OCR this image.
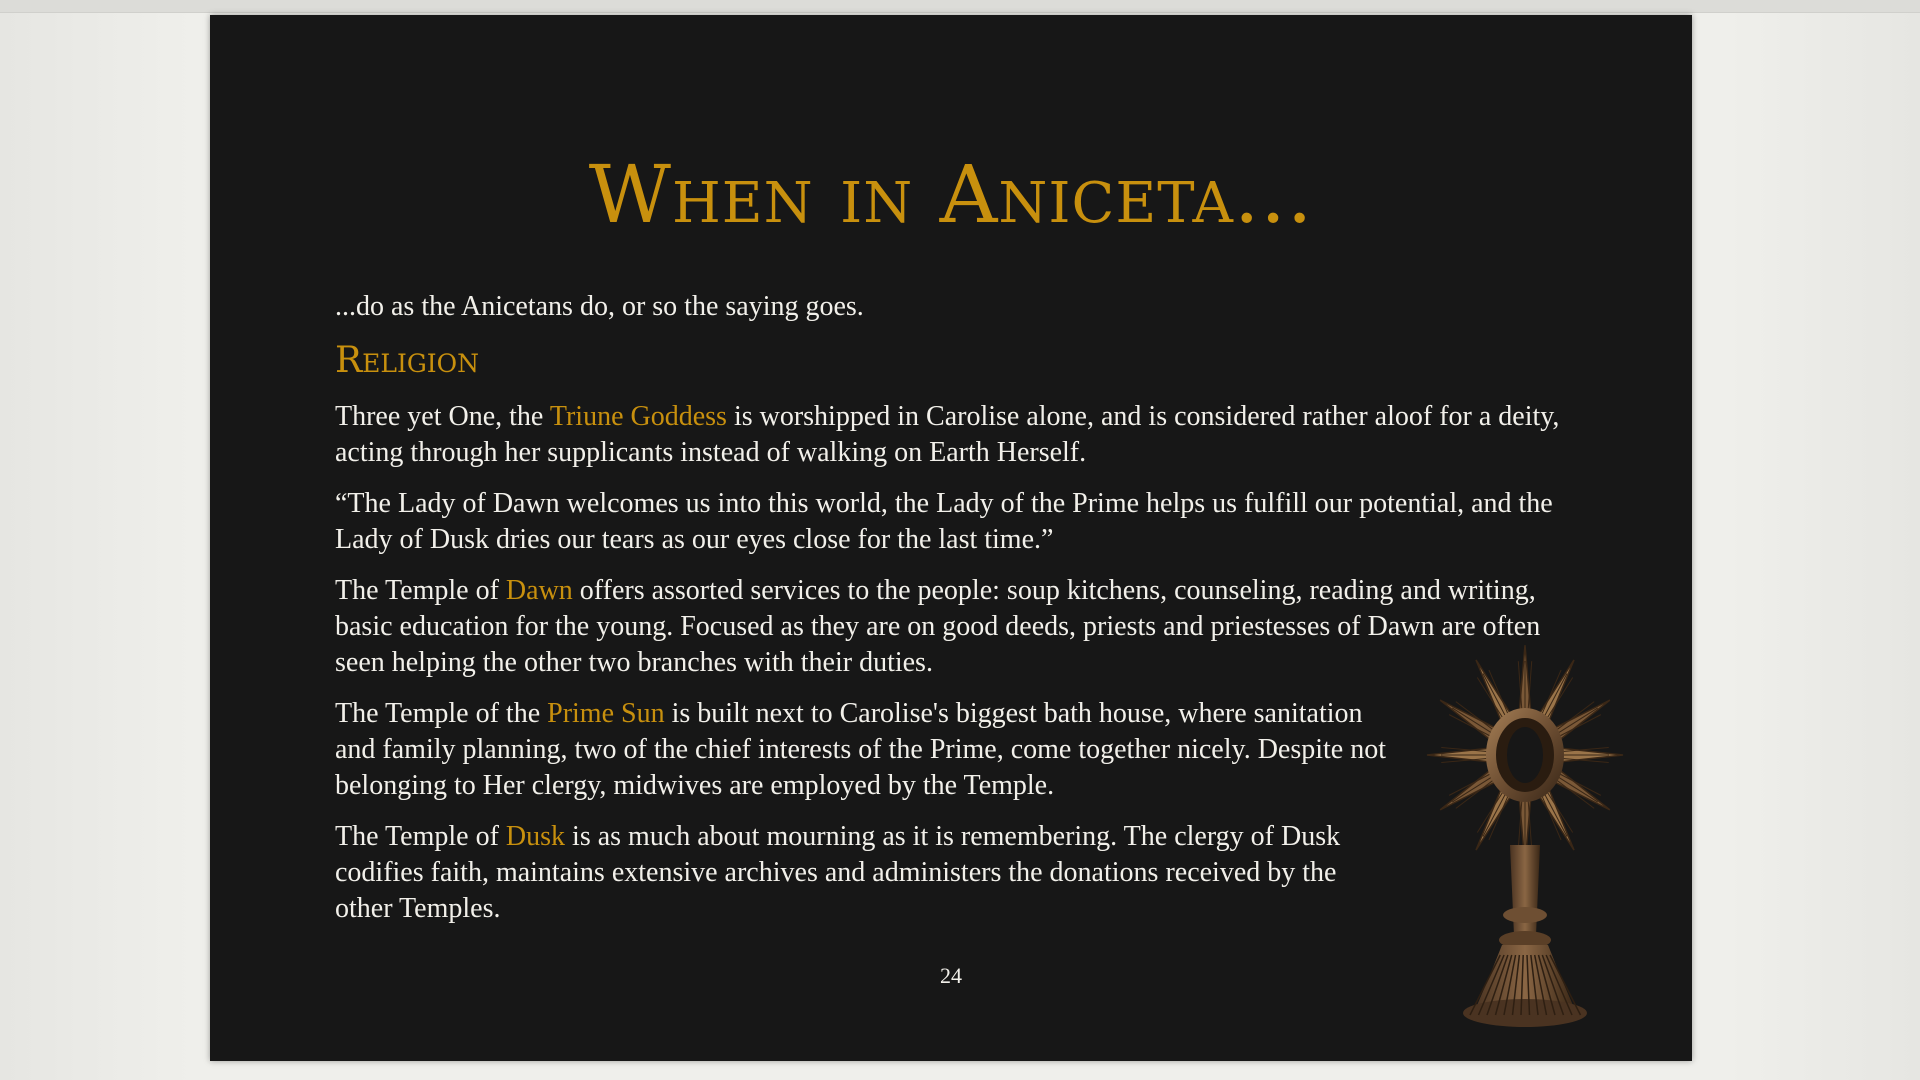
When in Aniceta...

...do as the Anicetans do, or so the saying goes.

Religion

Three yet One, the Triune Goddess is worshipped in Carolise alone, and is considered rather aloof for a deity, acting through her supplicants instead of walking on Earth Herself.

“The Lady of Dawn welcomes us into this world, the Lady of the Prime helps us fulfill our potential, and the Lady of Dusk dries our tears as our eyes close for the last time.”

The Temple of Dawn offers assorted services to the people: soup kitchens, counseling, reading and writing, basic education for the young. Focused as they are on good deeds, priests and priestesses of Dawn are often seen helping the other two branches with their duties.

The Temple of the Prime Sun is built next to Carolise's biggest bath house, where sanitation and family planning, two of the chief interests of the Prime, come together nicely. Despite not belonging to Her clergy, midwives are employed by the Temple.

The Temple of Dusk is as much about mourning as it is remembering. The clergy of Dusk codifies faith, maintains extensive archives and administers the donations received by the other Temples.

24
